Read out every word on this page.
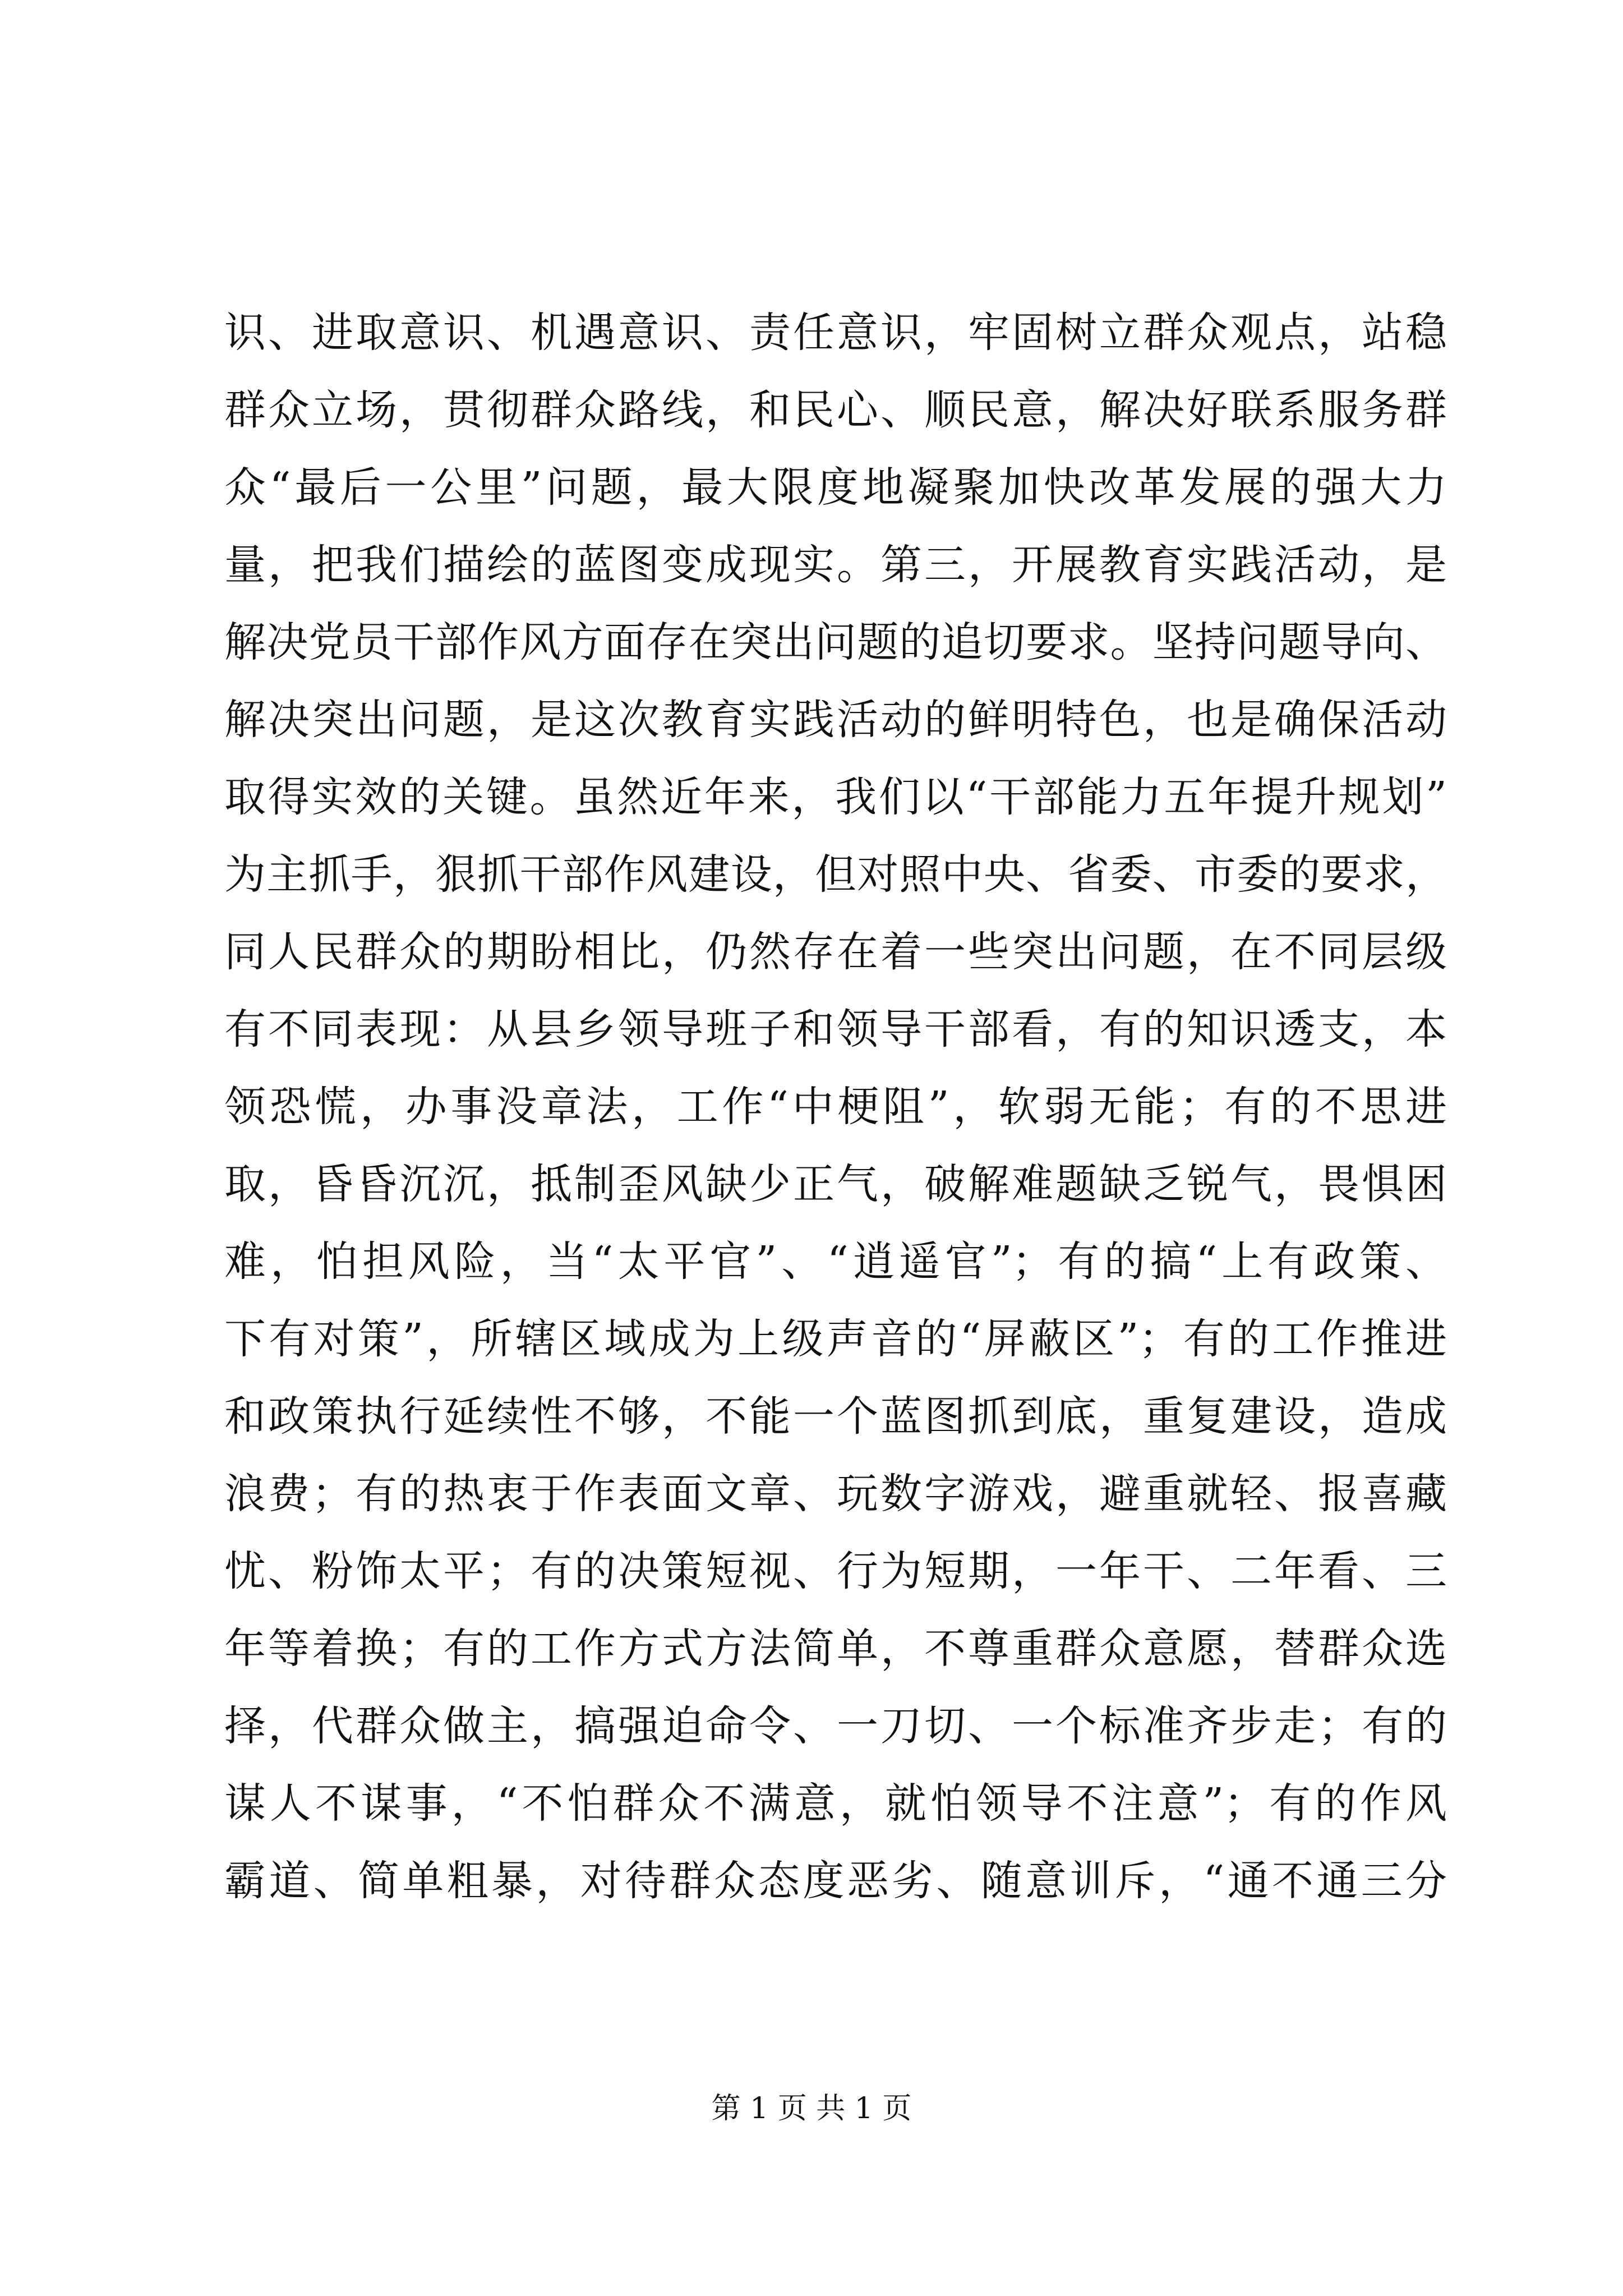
识、进取意识、机遇意识、责任意识，牢固树立群众观点，站稳
群众立场，贯彻群众路线，和民心、顺民意，解决好联系服务群
众“最后一公里”问题，最大限度地凝聚加快改革发展的强大力
量，把我们描绘的蓝图变成现实。第三，开展教育实践活动，是
解决党员干部作风方面存在突出问题的追切要求。坚持问题导向、
解决突出问题，是这次教育实践活动的鲜明特色，也是确保活动
取得实效的关键。虽然近年来，我们以“干部能力五年提升规划”
为主抓手，狠抓干部作风建设，但对照中央、省委、市委的要求，
同人民群众的期盼相比，仍然存在着一些突出问题，在不同层级
有不同表现：从县乡领导班子和领导干部看，有的知识透支，本
领恐慌，办事没章法，工作“中梗阻”，软弱无能；有的不思进
取，昏昏沉沉，抵制歪风缺少正气，破解难题缺乏锐气，畏惧困
难，怕担风险，当“太平官”、“逍遥官”；有的搞“上有政策、
下有对策”，所辖区域成为上级声音的“屏蔽区”；有的工作推进
和政策执行延续性不够，不能一个蓝图抓到底，重复建设，造成
浪费；有的热衷于作表面文章、玩数字游戏，避重就轻、报喜藏
忧、粉饰太平；有的决策短视、行为短期，一年干、二年看、三
年等着换；有的工作方式方法简单，不尊重群众意愿，替群众选
择，代群众做主，搞强迫命令、一刀切、一个标准齐步走；有的
谋人不谋事，“不怕群众不满意，就怕领导不注意”；有的作风
霸道、简单粗暴，对待群众态度恶劣、随意训斥，“通不通三分
第 1 页 共 1 页
